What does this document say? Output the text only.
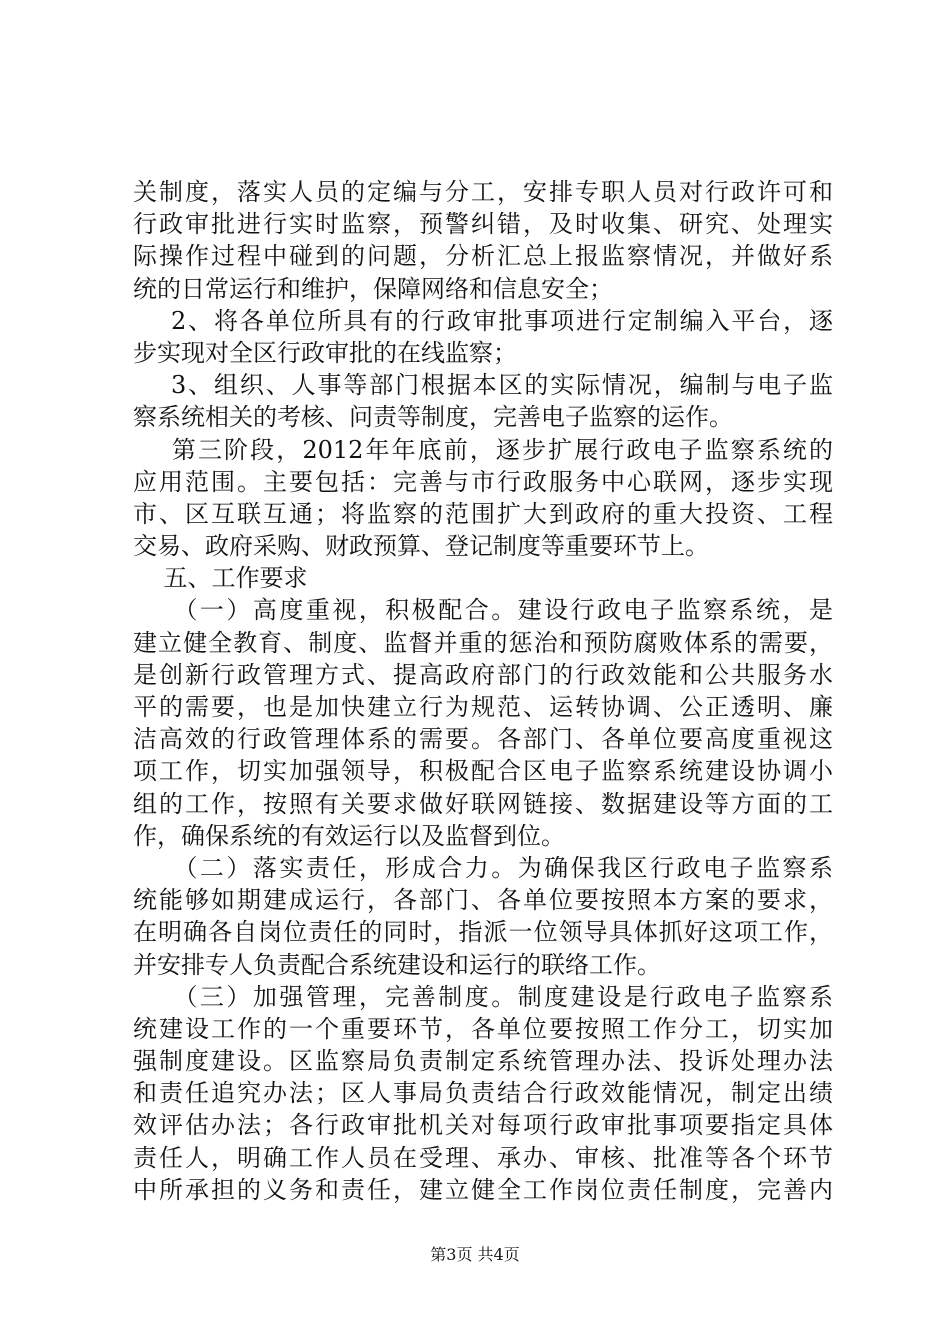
关制度，落实人员的定编与分工，安排专职人员对行政许可和
行政审批进行实时监察，预警纠错，及时收集、研究、处理实
际操作过程中碰到的问题，分析汇总上报监察情况，并做好系
统的日常运行和维护，保障网络和信息安全；
2、将各单位所具有的行政审批事项进行定制编入平台，逐
步实现对全区行政审批的在线监察；
3、组织、人事等部门根据本区的实际情况，编制与电子监
察系统相关的考核、问责等制度，完善电子监察的运作。
第三阶段，2012年年底前，逐步扩展行政电子监察系统的
应用范围。主要包括：完善与市行政服务中心联网，逐步实现
市、区互联互通；将监察的范围扩大到政府的重大投资、工程
交易、政府采购、财政预算、登记制度等重要环节上。
五、工作要求
（一）高度重视，积极配合。建设行政电子监察系统，是
建立健全教育、制度、监督并重的惩治和预防腐败体系的需要，
是创新行政管理方式、提高政府部门的行政效能和公共服务水
平的需要，也是加快建立行为规范、运转协调、公正透明、廉
洁高效的行政管理体系的需要。各部门、各单位要高度重视这
项工作，切实加强领导，积极配合区电子监察系统建设协调小
组的工作，按照有关要求做好联网链接、数据建设等方面的工
作，确保系统的有效运行以及监督到位。
（二）落实责任，形成合力。为确保我区行政电子监察系
统能够如期建成运行，各部门、各单位要按照本方案的要求，
在明确各自岗位责任的同时，指派一位领导具体抓好这项工作，
并安排专人负责配合系统建设和运行的联络工作。
（三）加强管理，完善制度。制度建设是行政电子监察系
统建设工作的一个重要环节，各单位要按照工作分工，切实加
强制度建设。区监察局负责制定系统管理办法、投诉处理办法
和责任追究办法；区人事局负责结合行政效能情况，制定出绩
效评估办法；各行政审批机关对每项行政审批事项要指定具体
责任人，明确工作人员在受理、承办、审核、批准等各个环节
中所承担的义务和责任，建立健全工作岗位责任制度，完善内
第3页 共4页
